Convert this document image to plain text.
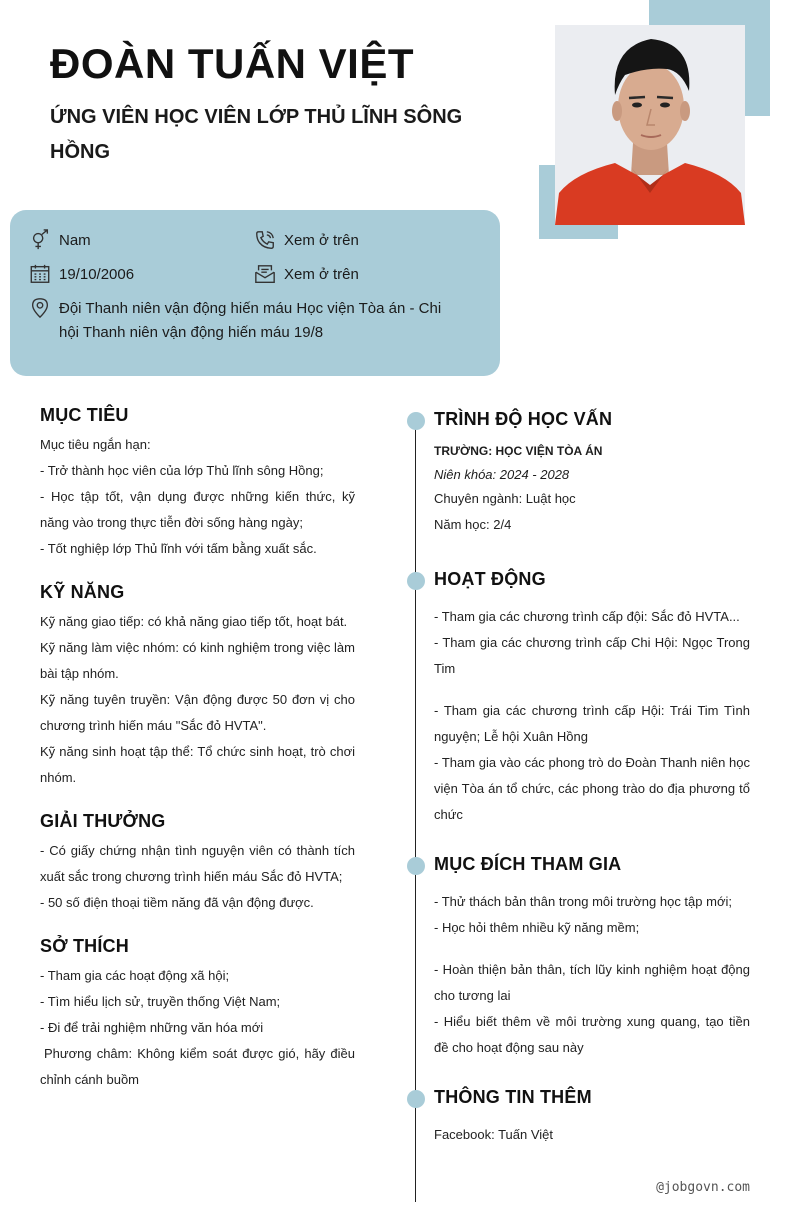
ĐOÀN TUẤN VIỆT
ỨNG VIÊN HỌC VIÊN LỚP THỦ LĨNH SÔNG HỒNG
Nam	Xem ở trên
19/10/2006	Xem ở trên
Đội Thanh niên vận động hiến máu Học viện Tòa án - Chi hội Thanh niên vận động hiến máu 19/8
MỤC TIÊU
Mục tiêu ngắn hạn:
- Trở thành học viên của lớp Thủ lĩnh sông Hồng;
- Học tập tốt, vận dụng được những kiến thức, kỹ năng vào trong thực tiễn đời sống hàng ngày;
- Tốt nghiệp lớp Thủ lĩnh với tấm bằng xuất sắc.
KỸ NĂNG
Kỹ năng giao tiếp: có khả năng giao tiếp tốt, hoạt bát.
Kỹ năng làm việc nhóm: có kinh nghiệm trong việc làm bài tập nhóm.
Kỹ năng tuyên truyền: Vận động được 50 đơn vị cho chương trình hiến máu "Sắc đỏ HVTA".
Kỹ năng sinh hoạt tập thể: Tổ chức sinh hoạt, trò chơi nhóm.
GIẢI THƯỞNG
- Có giấy chứng nhận tình nguyện viên có thành tích xuất sắc trong chương trình hiến máu Sắc đỏ HVTA;
- 50 số điện thoại tiềm năng đã vận động được.
SỞ THÍCH
- Tham gia các hoạt động xã hội;
- Tìm hiểu lịch sử, truyền thống Việt Nam;
- Đi để trải nghiệm những văn hóa mới
Phương châm: Không kiểm soát được gió, hãy điều chỉnh cánh buồm
TRÌNH ĐỘ HỌC VẤN
TRƯỜNG: HỌC VIỆN TÒA ÁN
Niên khóa: 2024 - 2028
Chuyên ngành: Luật học
Năm học: 2/4
HOẠT ĐỘNG
- Tham gia các chương trình cấp đội: Sắc đỏ HVTA...
- Tham gia các chương trình cấp Chi Hội: Ngọc Trong Tim
- Tham gia các chương trình cấp Hội: Trái Tim Tình nguyện; Lễ hội Xuân Hồng
- Tham gia vào các phong trò do Đoàn Thanh niên học viện Tòa án tổ chức, các phong trào do địa phương tổ chức
MỤC ĐÍCH THAM GIA
- Thử thách bản thân trong môi trường học tập mới;
- Học hỏi thêm nhiều kỹ năng mềm;
- Hoàn thiện bản thân, tích lũy kinh nghiệm hoạt động cho tương lai
- Hiểu biết thêm về môi trường xung quang, tạo tiền đề cho hoạt động sau này
THÔNG TIN THÊM
Facebook: Tuấn Việt
@jobgovn.com
